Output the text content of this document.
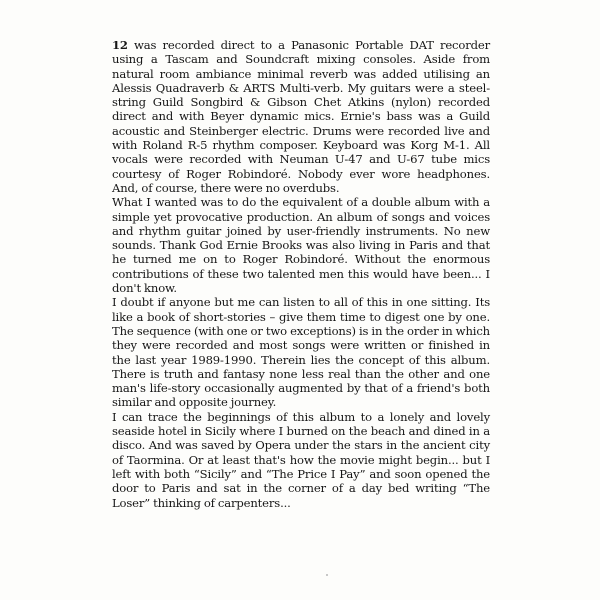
12 was recorded direct to a Panasonic Portable DAT recorder using a Tascam and Soundcraft mixing consoles. Aside from natural room ambiance minimal reverb was added utilising an Alessis Quadraverb & ARTS Multi-verb. My guitars were a steel-string Guild Songbird & Gibson Chet Atkins (nylon) recorded direct and with Beyer dynamic mics. Ernie's bass was a Guild acoustic and Steinberger electric. Drums were recorded live and with Roland R-5 rhythm composer. Keyboard was Korg M-1. All vocals were recorded with Neuman U-47 and U-67 tube mics courtesy of Roger Robindoré. Nobody ever wore headphones. And, of course, there were no overdubs.

What I wanted was to do the equivalent of a double album with a simple yet provocative production. An album of songs and voices and rhythm guitar joined by user-friendly instruments. No new sounds. Thank God Ernie Brooks was also living in Paris and that he turned me on to Roger Robindoré. Without the enormous contributions of these two talented men this would have been... I don't know.

I doubt if anyone but me can listen to all of this in one sitting. Its like a book of short-stories – give them time to digest one by one. The sequence (with one or two exceptions) is in the order in which they were recorded and most songs were written or finished in the last year 1989-1990. Therein lies the concept of this album. There is truth and fantasy none less real than the other and one man's life-story occasionally augmented by that of a friend's both similar and opposite journey.

I can trace the beginnings of this album to a lonely and lovely seaside hotel in Sicily where I burned on the beach and dined in a disco. And was saved by Opera under the stars in the ancient city of Taormina. Or at least that's how the movie might begin... but I left with both “Sicily” and “The Price I Pay” and soon opened the door to Paris and sat in the corner of a day bed writing “The Loser” thinking of carpenters...
